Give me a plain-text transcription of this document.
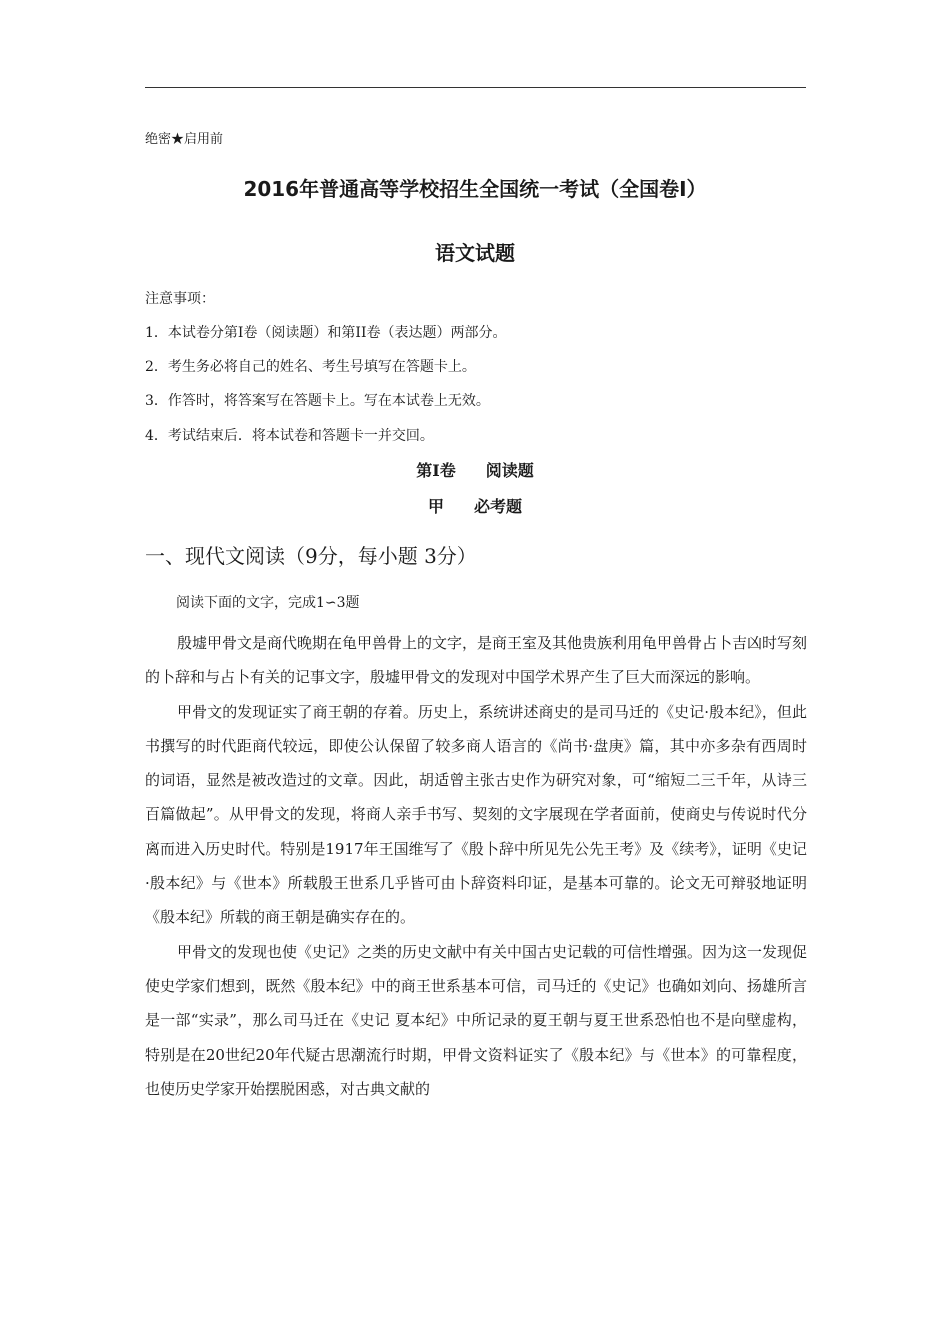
绝密★启用前
2016年普通高等学校招生全国统一考试（全国卷Ⅰ）
语文试题
注意事项：
1．本试卷分第Ⅰ卷（阅读题）和第II卷（表达题）两部分。
2．考生务必将自己的姓名、考生号填写在答题卡上。
3．作答时，将答案写在答题卡上。写在本试卷上无效。
4．考试结束后．将本试卷和答题卡一并交回。
第Ⅰ卷 阅读题
甲 必考题
一、现代文阅读（9分，每小题 3分）
阅读下面的文字，完成1∽3题

殷墟甲骨文是商代晚期在龟甲兽骨上的文字，是商王室及其他贵族利用龟甲兽骨占卜吉凶时写刻的卜辞和与占卜有关的记事文字，殷墟甲骨文的发现对中国学术界产生了巨大而深远的影响。

甲骨文的发现证实了商王朝的存着。历史上，系统讲述商史的是司马迁的《史记·殷本纪》，但此书撰写的时代距商代较远，即使公认保留了较多商人语言的《尚书·盘庚》篇，其中亦多杂有西周时的词语，显然是被改造过的文章。因此，胡适曾主张古史作为研究对象，可“缩短二三千年，从诗三百篇做起”。从甲骨文的发现，将商人亲手书写、契刻的文字展现在学者面前，使商史与传说时代分离而进入历史时代。特别是1917年王国维写了《殷卜辞中所见先公先王考》及《续考》，证明《史记·殷本纪》与《世本》所载殷王世系几乎皆可由卜辞资料印证，是基本可靠的。论文无可辩驳地证明《殷本纪》所载的商王朝是确实存在的。

甲骨文的发现也使《史记》之类的历史文献中有关中国古史记载的可信性增强。因为这一发现促使史学家们想到，既然《殷本纪》中的商王世系基本可信，司马迁的《史记》也确如刘向、扬雄所言是一部“实录”，那么司马迁在《史记 夏本纪》中所记录的夏王朝与夏王世系恐怕也不是向壁虚构，特别是在20世纪20年代疑古思潮流行时期，甲骨文资料证实了《殷本纪》与《世本》的可靠程度，也使历史学家开始摆脱困惑，对古典文献的
